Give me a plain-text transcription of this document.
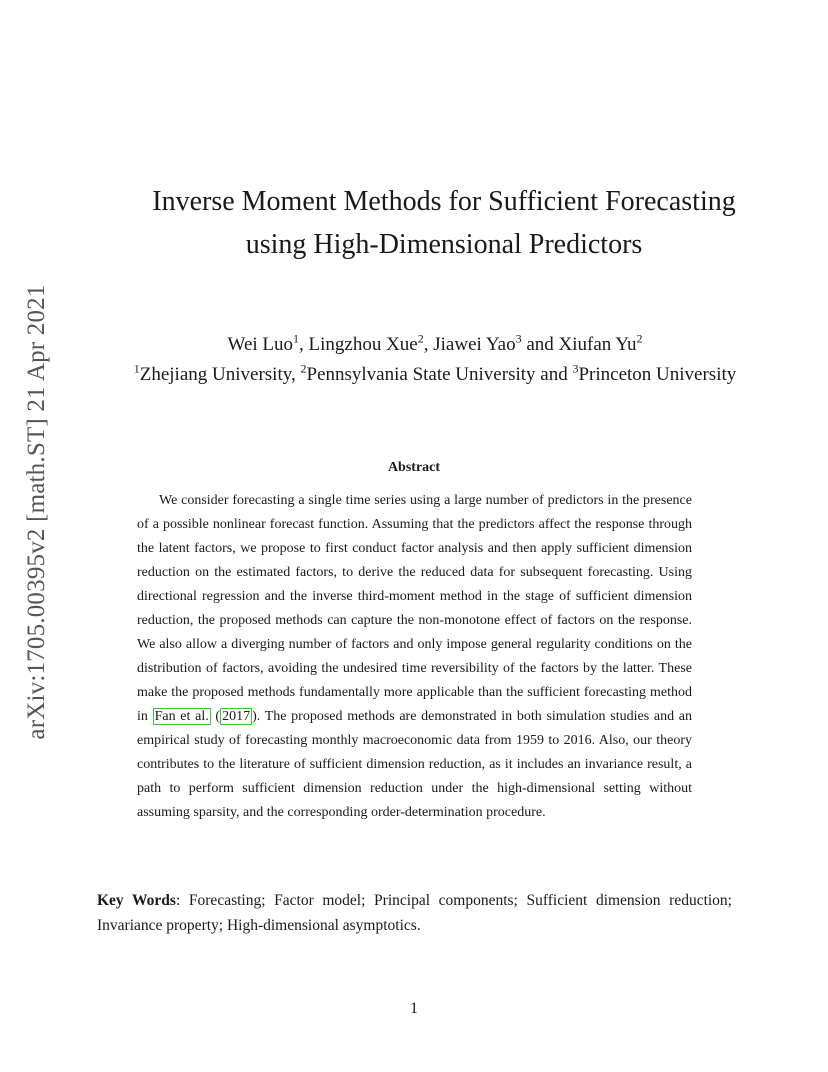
arXiv:1705.00395v2 [math.ST] 21 Apr 2021
Inverse Moment Methods for Sufficient Forecasting
using High-Dimensional Predictors
Wei Luo$^1$, Lingzhou Xue$^2$, Jiawei Yao$^3$ and Xiufan Yu$^2$
$^1$Zhejiang University, $^2$Pennsylvania State University and $^3$Princeton University
Abstract

We consider forecasting a single time series using a large number of predictors in the presence of a possible nonlinear forecast function. Assuming that the predictors affect the response through the latent factors, we propose to first conduct factor analysis and then apply sufficient dimension reduction on the estimated factors, to derive the reduced data for subsequent forecasting. Using directional regression and the inverse third-moment method in the stage of sufficient dimension reduction, the proposed methods can capture the non-monotone effect of factors on the response. We also allow a diverging number of factors and only impose general regularity conditions on the distribution of factors, avoiding the undesired time reversibility of the factors by the latter. These make the proposed methods fundamentally more applicable than the sufficient forecasting method in Fan et al. ( 2017 ). The proposed methods are demonstrated in both simulation studies and an empirical study of forecasting monthly macroeconomic data from 1959 to 2016. Also, our theory contributes to the literature of sufficient dimension reduction, as it includes an invariance result, a path to perform sufficient dimension reduction under the high-dimensional setting without assuming sparsity, and the corresponding order-determination procedure.

Key Words: Forecasting; Factor model; Principal components; Sufficient dimension reduction; Invariance property; High-dimensional asymptotics.
1
